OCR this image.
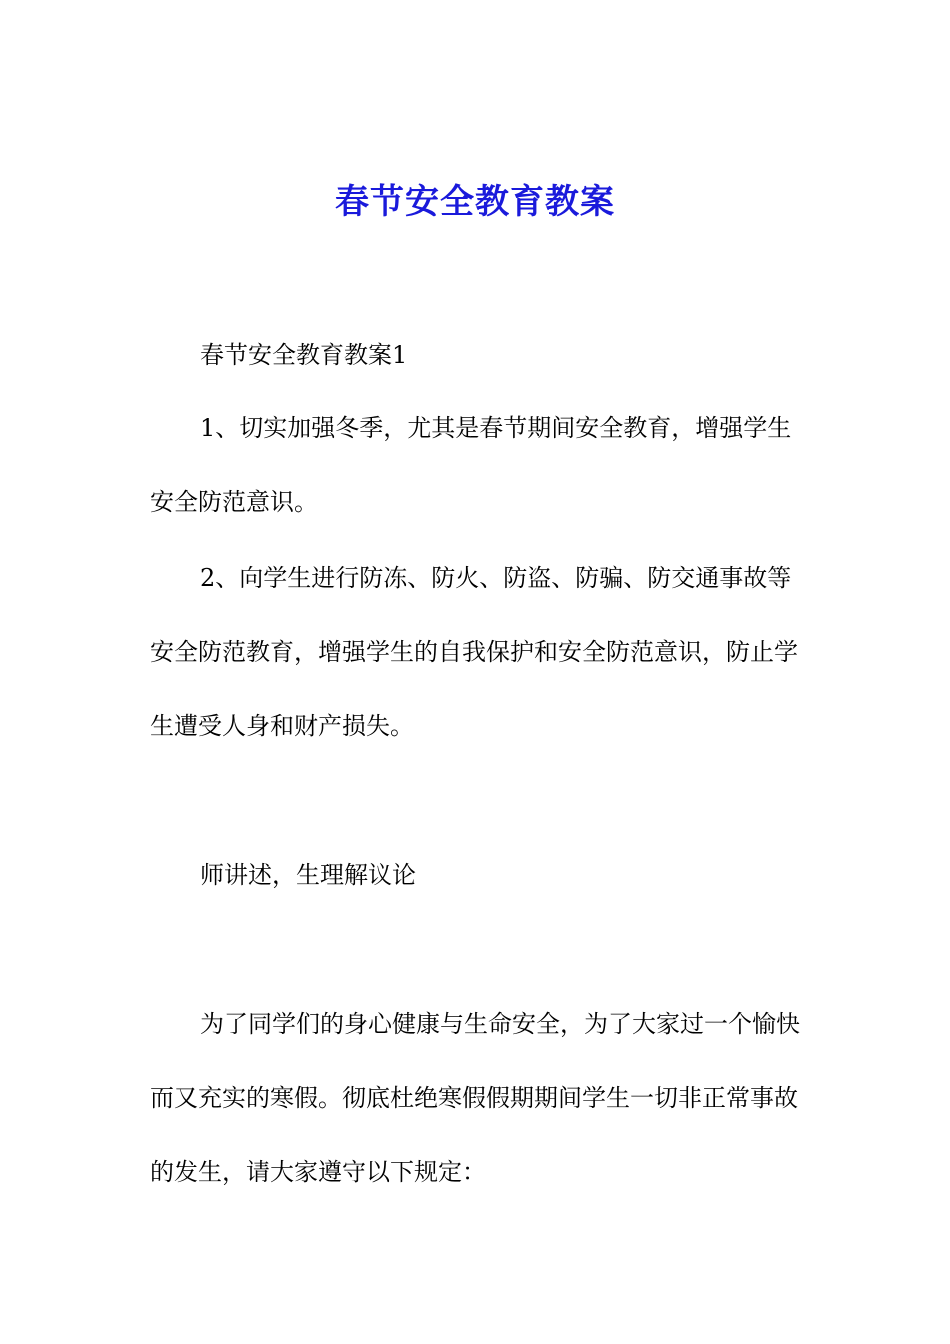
春节安全教育教案

春节安全教育教案1

1、切实加强冬季，尤其是春节期间安全教育，增强学生安全防范意识。

2、向学生进行防冻、防火、防盗、防骗、防交通事故等安全防范教育，增强学生的自我保护和安全防范意识，防止学生遭受人身和财产损失。

师讲述，生理解议论

为了同学们的身心健康与生命安全，为了大家过一个愉快而又充实的寒假。彻底杜绝寒假假期期间学生一切非正常事故的发生，请大家遵守以下规定：
